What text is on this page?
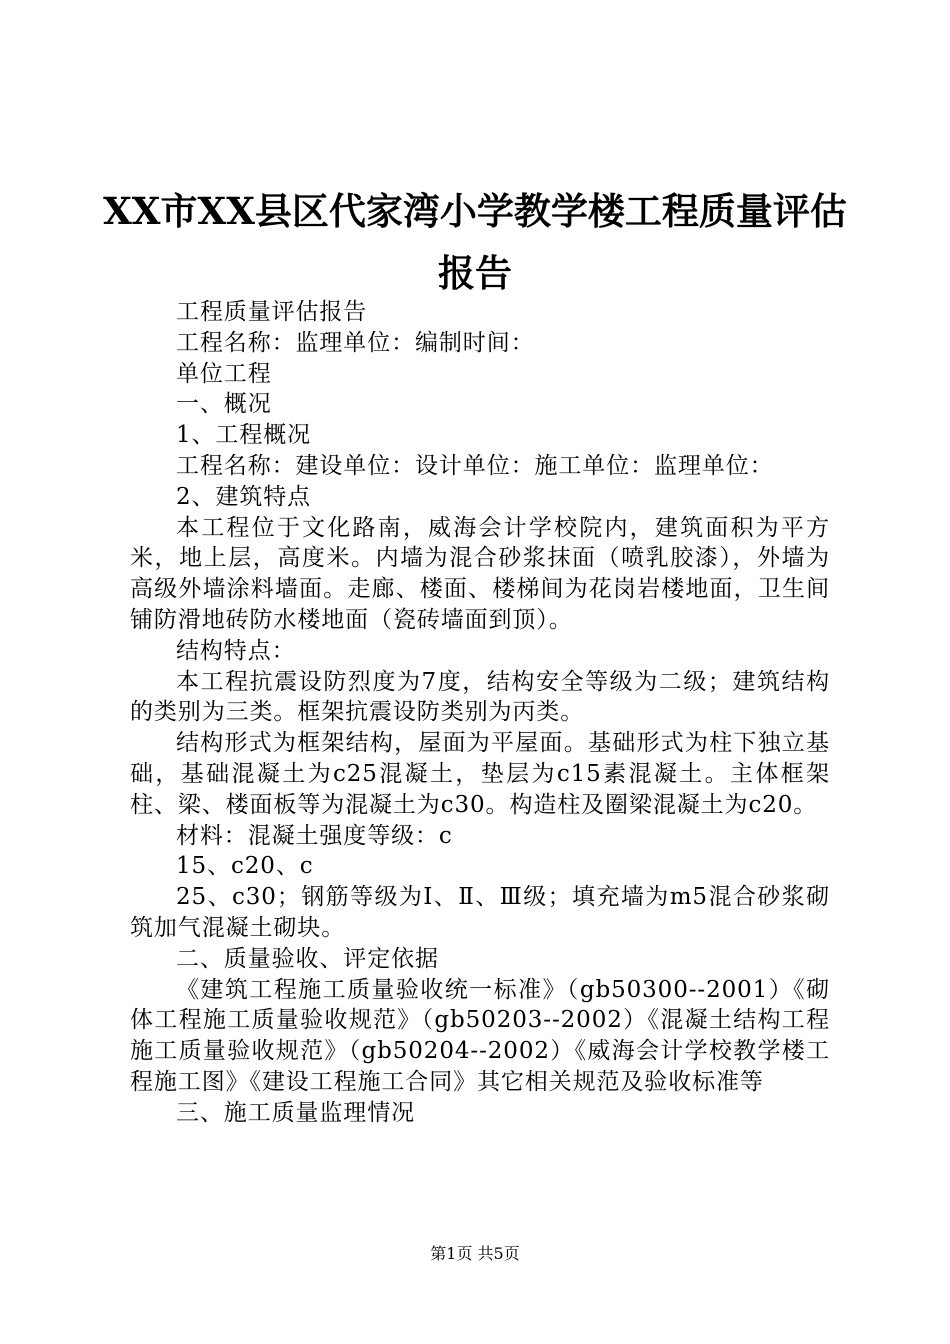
XX市XX县区代家湾小学教学楼工程质量评估报告

工程质量评估报告

工程名称：监理单位：编制时间：

单位工程

一、概况

1、工程概况

工程名称：建设单位：设计单位：施工单位：监理单位：

2、建筑特点

本工程位于文化路南，威海会计学校院内，建筑面积为平方米，地上层，高度米。内墙为混合砂浆抹面（喷乳胶漆），外墙为高级外墙涂料墙面。走廊、楼面、楼梯间为花岗岩楼地面，卫生间铺防滑地砖防水楼地面（瓷砖墙面到顶）。

结构特点：

本工程抗震设防烈度为7度，结构安全等级为二级；建筑结构的类别为三类。框架抗震设防类别为丙类。

结构形式为框架结构，屋面为平屋面。基础形式为柱下独立基础，基础混凝土为c25混凝土，垫层为c15素混凝土。主体框架柱、梁、楼面板等为混凝土为c30。构造柱及圈梁混凝土为c20。

材料：混凝土强度等级：c

15、c20、c

25、c30；钢筋等级为Ⅰ、Ⅱ、Ⅲ级；填充墙为m5混合砂浆砌筑加气混凝土砌块。

二、质量验收、评定依据

《建筑工程施工质量验收统一标准》（gb50300--2001）《砌体工程施工质量验收规范》（gb50203--2002）《混凝土结构工程施工质量验收规范》（gb50204--2002）《威海会计学校教学楼工程施工图》《建设工程施工合同》其它相关规范及验收标准等

三、施工质量监理情况

第1页 共5页
